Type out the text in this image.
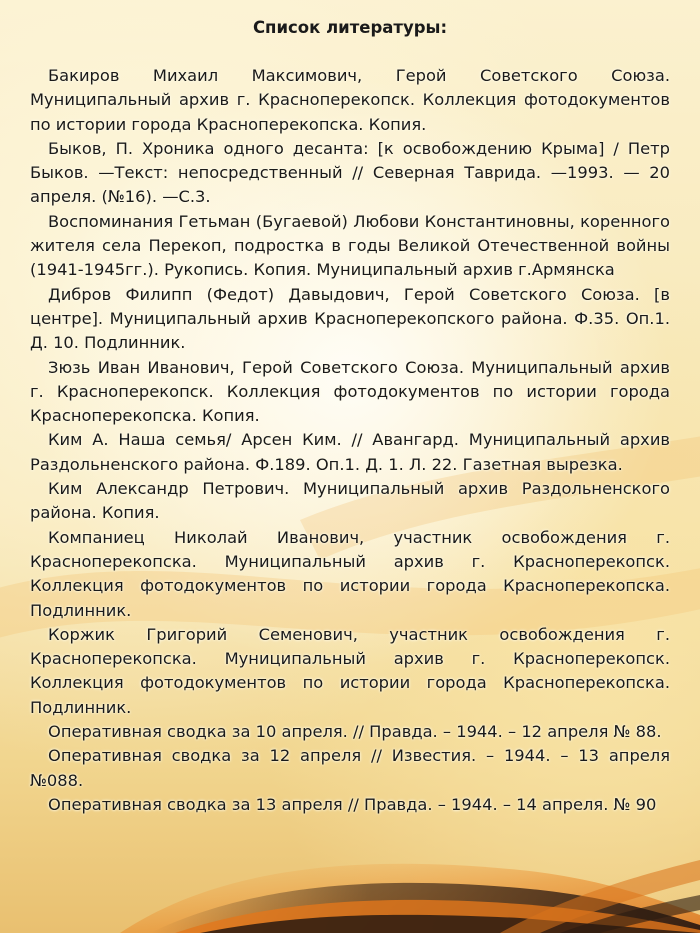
Список литературы:

Бакиров Михаил Максимович, Герой Советского Союза. Муниципальный архив г. Красноперекопск. Коллекция фотодокументов по истории города Красноперекопска. Копия.

Быков, П. Хроника одного десанта: [к освобождению Крыма] / Петр Быков. —Текст: непосредственный // Северная Таврида. —1993. — 20 апреля. (№16). —С.3.

Воспоминания Гетьман (Бугаевой) Любови Константиновны, коренного жителя села Перекоп, подростка в годы Великой Отечественной войны (1941-1945гг.). Рукопись. Копия. Муниципальный архив г.Армянска

Дибров Филипп (Федот) Давыдович, Герой Советского Союза. [в центре]. Муниципальный архив Красноперекопского района. Ф.35. Оп.1. Д. 10. Подлинник.

Зюзь Иван Иванович, Герой Советского Союза. Муниципальный архив г. Красноперекопск. Коллекция фотодокументов по истории города Красноперекопска. Копия.

Ким А. Наша семья/ Арсен Ким. // Авангард. Муниципальный архив Раздольненского района. Ф.189. Оп.1. Д. 1. Л. 22. Газетная вырезка.

Ким Александр Петрович. Муниципальный архив Раздольненского района. Копия.

Компаниец Николай Иванович, участник освобождения г. Красноперекопска. Муниципальный архив г. Красноперекопск. Коллекция фотодокументов по истории города Красноперекопска. Подлинник.

Коржик Григорий Семенович, участник освобождения г. Красноперекопска. Муниципальный архив г. Красноперекопск. Коллекция фотодокументов по истории города Красноперекопска. Подлинник.

Оперативная сводка за 10 апреля. // Правда. – 1944. – 12 апреля № 88.

Оперативная сводка за 12 апреля // Известия. – 1944. – 13 апреля №088.

Оперативная сводка за 13 апреля // Правда. – 1944. – 14 апреля. № 90
